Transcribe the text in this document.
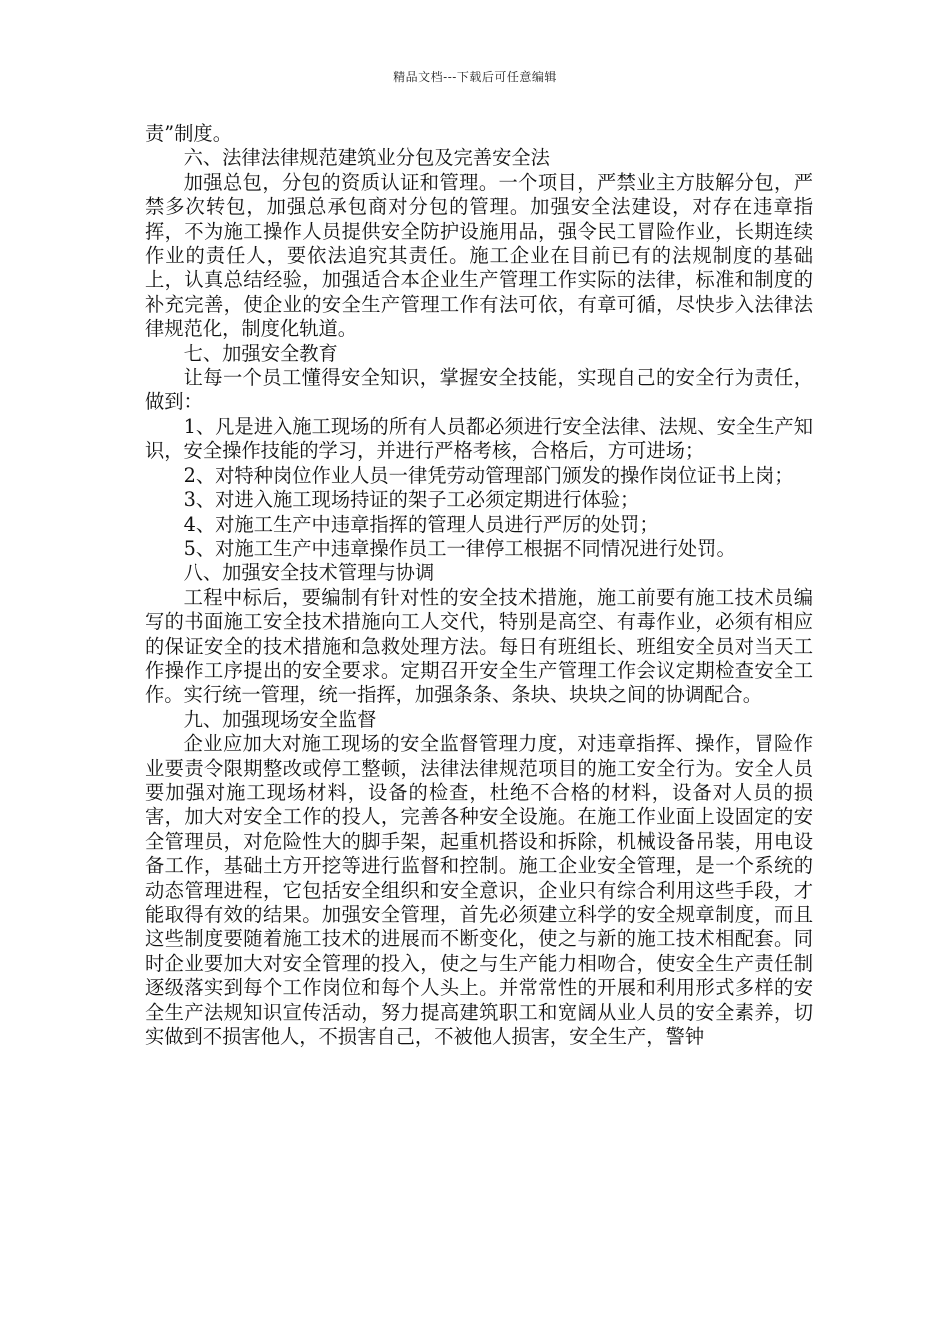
精品文档---下载后可任意编辑

责”制度。

六、法律法律规范建筑业分包及完善安全法

加强总包，分包的资质认证和管理。一个项目，严禁业主方肢解分包，严禁多次转包，加强总承包商对分包的管理。加强安全法建设，对存在违章指挥，不为施工操作人员提供安全防护设施用品，强令民工冒险作业，长期连续作业的责任人，要依法追究其责任。施工企业在目前已有的法规制度的基础上，认真总结经验，加强适合本企业生产管理工作实际的法律，标准和制度的补充完善，使企业的安全生产管理工作有法可依，有章可循，尽快步入法律法律规范化，制度化轨道。

七、加强安全教育

让每一个员工懂得安全知识，掌握安全技能，实现自己的安全行为责任，做到：

1、凡是进入施工现场的所有人员都必须进行安全法律、法规、安全生产知识，安全操作技能的学习，并进行严格考核，合格后，方可进场；

2、对特种岗位作业人员一律凭劳动管理部门颁发的操作岗位证书上岗；

3、对进入施工现场持证的架子工必须定期进行体验；

4、对施工生产中违章指挥的管理人员进行严厉的处罚；

5、对施工生产中违章操作员工一律停工根据不同情况进行处罚。

八、加强安全技术管理与协调

工程中标后，要编制有针对性的安全技术措施，施工前要有施工技术员编写的书面施工安全技术措施向工人交代，特别是高空、有毒作业，必须有相应的保证安全的技术措施和急救处理方法。每日有班组长、班组安全员对当天工作操作工序提出的安全要求。定期召开安全生产管理工作会议定期检查安全工作。实行统一管理，统一指挥，加强条条、条块、块块之间的协调配合。

九、加强现场安全监督

企业应加大对施工现场的安全监督管理力度，对违章指挥、操作，冒险作业要责令限期整改或停工整顿，法律法律规范项目的施工安全行为。安全人员要加强对施工现场材料，设备的检查，杜绝不合格的材料，设备对人员的损害，加大对安全工作的投人，完善各种安全设施。在施工作业面上设固定的安全管理员，对危险性大的脚手架，起重机搭设和拆除，机械设备吊装，用电设备工作，基础土方开挖等进行监督和控制。施工企业安全管理，是一个系统的动态管理进程，它包括安全组织和安全意识，企业只有综合利用这些手段，才能取得有效的结果。加强安全管理，首先必须建立科学的安全规章制度，而且这些制度要随着施工技术的进展而不断变化，使之与新的施工技术相配套。同时企业要加大对安全管理的投入，使之与生产能力相吻合，使安全生产责任制逐级落实到每个工作岗位和每个人头上。并常常性的开展和利用形式多样的安全生产法规知识宣传活动，努力提高建筑职工和宽阔从业人员的安全素养，切实做到不损害他人，不损害自己，不被他人损害，安全生产，警钟
